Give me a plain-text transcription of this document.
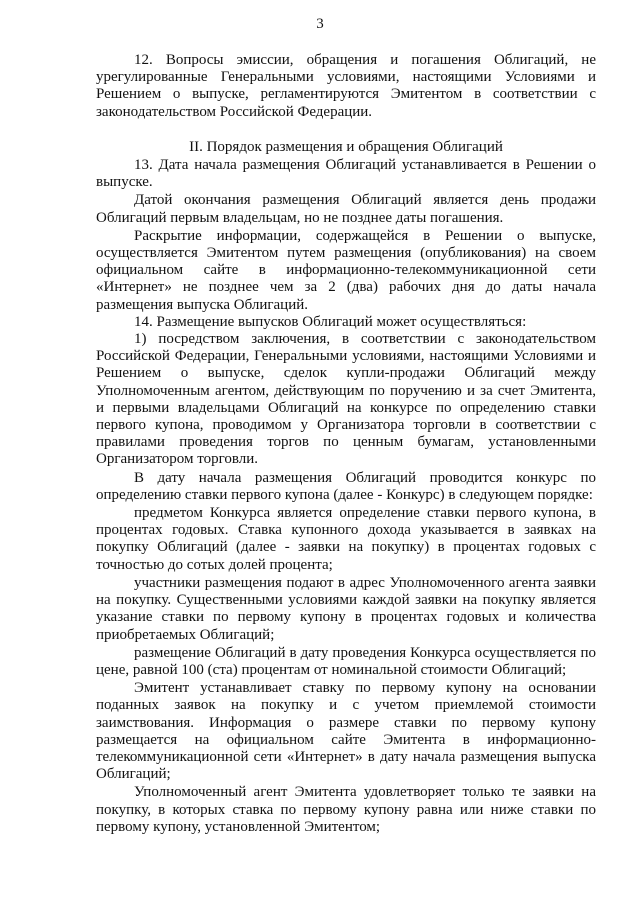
3

12. Вопросы эмиссии, обращения и погашения Облигаций, не урегулированные Генеральными условиями, настоящими Условиями и Решением о выпуске, регламентируются Эмитентом в соответствии с законодательством Российской Федерации.

II. Порядок размещения и обращения Облигаций

13. Дата начала размещения Облигаций устанавливается в Решении о выпуске.

Датой окончания размещения Облигаций является день продажи Облигаций первым владельцам, но не позднее даты погашения.

Раскрытие информации, содержащейся в Решении о выпуске, осуществляется Эмитентом путем размещения (опубликования) на своем официальном сайте в информационно-телекоммуникационной сети «Интернет» не позднее чем за 2 (два) рабочих дня до даты начала размещения выпуска Облигаций.

14. Размещение выпусков Облигаций может осуществляться:

1) посредством заключения, в соответствии с законодательством Российской Федерации, Генеральными условиями, настоящими Условиями и Решением о выпуске, сделок купли-продажи Облигаций между Уполномоченным агентом, действующим по поручению и за счет Эмитента, и первыми владельцами Облигаций на конкурсе по определению ставки первого купона, проводимом у Организатора торговли в соответствии с правилами проведения торгов по ценным бумагам, установленными Организатором торговли.

В дату начала размещения Облигаций проводится конкурс по определению ставки первого купона (далее - Конкурс) в следующем порядке:

предметом Конкурса является определение ставки первого купона, в процентах годовых. Ставка купонного дохода указывается в заявках на покупку Облигаций (далее - заявки на покупку) в процентах годовых с точностью до сотых долей процента;

участники размещения подают в адрес Уполномоченного агента заявки на покупку. Существенными условиями каждой заявки на покупку является указание ставки по первому купону в процентах годовых и количества приобретаемых Облигаций;

размещение Облигаций в дату проведения Конкурса осуществляется по цене, равной 100 (ста) процентам от номинальной стоимости Облигаций;

Эмитент устанавливает ставку по первому купону на основании поданных заявок на покупку и с учетом приемлемой стоимости заимствования. Информация о размере ставки по первому купону размещается на официальном сайте Эмитента в информационно-телекоммуникационной сети «Интернет» в дату начала размещения выпуска Облигаций;

Уполномоченный агент Эмитента удовлетворяет только те заявки на покупку, в которых ставка по первому купону равна или ниже ставки по первому купону, установленной Эмитентом;
